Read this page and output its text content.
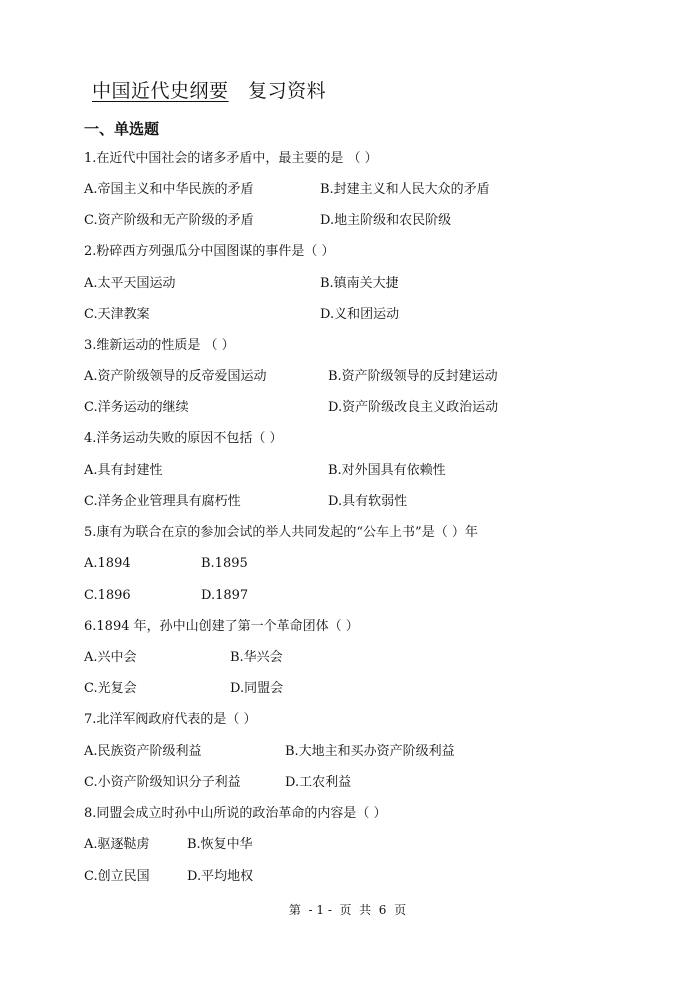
中国近代史纲要 复习资料
一、单选题
1.在近代中国社会的诸多矛盾中，最主要的是 （ ）
A.帝国主义和中华民族的矛盾	B.封建主义和人民大众的矛盾
C.资产阶级和无产阶级的矛盾	D.地主阶级和农民阶级
2.粉碎西方列强瓜分中国图谋的事件是（ ）
A.太平天国运动	B.镇南关大捷
C.天津教案	D.义和团运动
3.维新运动的性质是 （ ）
A.资产阶级领导的反帝爱国运动	B.资产阶级领导的反封建运动
C.洋务运动的继续	D.资产阶级改良主义政治运动
4.洋务运动失败的原因不包括（ ）
A.具有封建性	B.对外国具有依赖性
C.洋务企业管理具有腐朽性	D.具有软弱性
5.康有为联合在京的参加会试的举人共同发起的“公车上书”是（ ）年
A.1894	B.1895
C.1896	D.1897
6.1894 年，孙中山创建了第一个革命团体（ ）
A.兴中会	B.华兴会
C.光复会	D.同盟会
7.北洋军阀政府代表的是（ ）
A.民族资产阶级利益	B.大地主和买办资产阶级利益
C.小资产阶级知识分子利益	D.工农利益
8.同盟会成立时孙中山所说的政治革命的内容是（ ）
A.驱逐鞑虏	B.恢复中华
C.创立民国	D.平均地权
第  - 1 -  页  共  6  页
